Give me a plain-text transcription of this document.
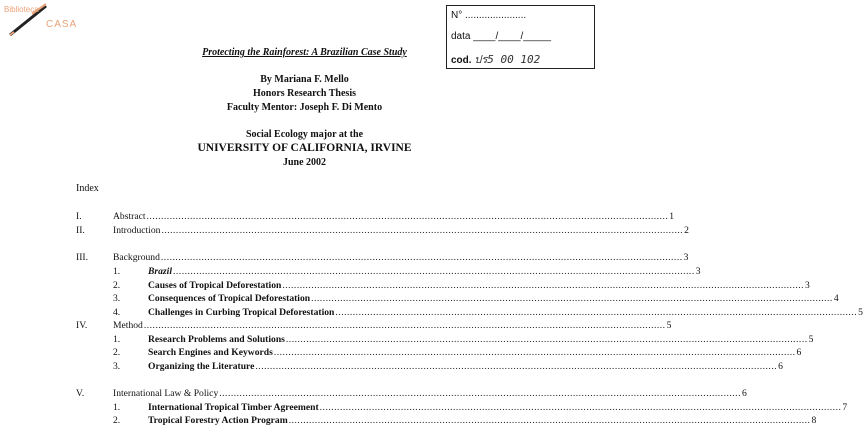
Biblioteca
CASA
N° ......................
data ____/____/_____
cod. ปร5 00 102
Protecting the Rainforest: A Brazilian Case Study
By Mariana F. Mello
Honors Research Thesis
Faculty Mentor: Joseph F. Di Mento
Social Ecology major at the
UNIVERSITY OF CALIFORNIA, IRVINE
June 2002
Index
I.	Abstract .................................................................................................................................................................................... 1
II.	Introduction .................................................................................................................................................................................... 2
III.	Background .................................................................................................................................................................................... 3
1.	Brazil .................................................................................................................................................................................... 3
2.	Causes of Tropical Deforestation .................................................................................................................................................................................... 3
3.	Consequences of Tropical Deforestation .................................................................................................................................................................................... 4
4.	Challenges in Curbing Tropical Deforestation .................................................................................................................................................................................... 5
IV.	Method .................................................................................................................................................................................... 5
1.	Research Problems and Solutions .................................................................................................................................................................................... 5
2.	Search Engines and Keywords .................................................................................................................................................................................... 6
3.	Organizing the Literature .................................................................................................................................................................................... 6
V.	International Law & Policy .................................................................................................................................................................................... 6
1.	International Tropical Timber Agreement .................................................................................................................................................................................... 7
2.	Tropical Forestry Action Program .................................................................................................................................................................................... 8
